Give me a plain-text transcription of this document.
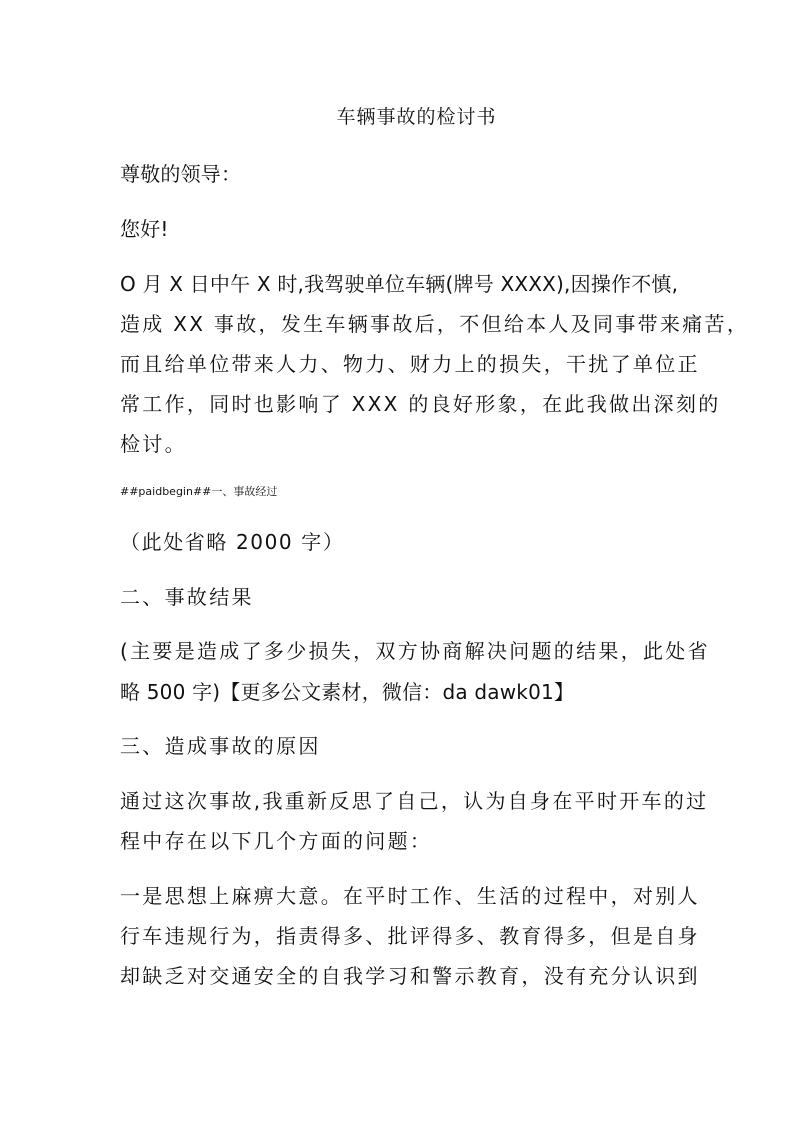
车辆事故的检讨书
尊敬的领导：
您好!
O 月 X 日中午 X 时,我驾驶单位车辆(牌号 XXXX),因操作不慎,
造成 XX 事故，发生车辆事故后，不但给本人及同事带来痛苦，
而且给单位带来人力、物力、财力上的损失，干扰了单位正
常工作，同时也影响了 XXX 的良好形象，在此我做出深刻的
检讨。
##paidbegin##一、事故经过
（此处省略 2000 字）
二、事故结果
(主要是造成了多少损失，双方协商解决问题的结果，此处省
略 500 字)【更多公文素材，微信：da dawk01】
三、造成事故的原因
通过这次事故,我重新反思了自己，认为自身在平时开车的过
程中存在以下几个方面的问题：
一是思想上麻痹大意。在平时工作、生活的过程中，对别人
行车违规行为，指责得多、批评得多、教育得多，但是自身
却缺乏对交通安全的自我学习和警示教育，没有充分认识到
